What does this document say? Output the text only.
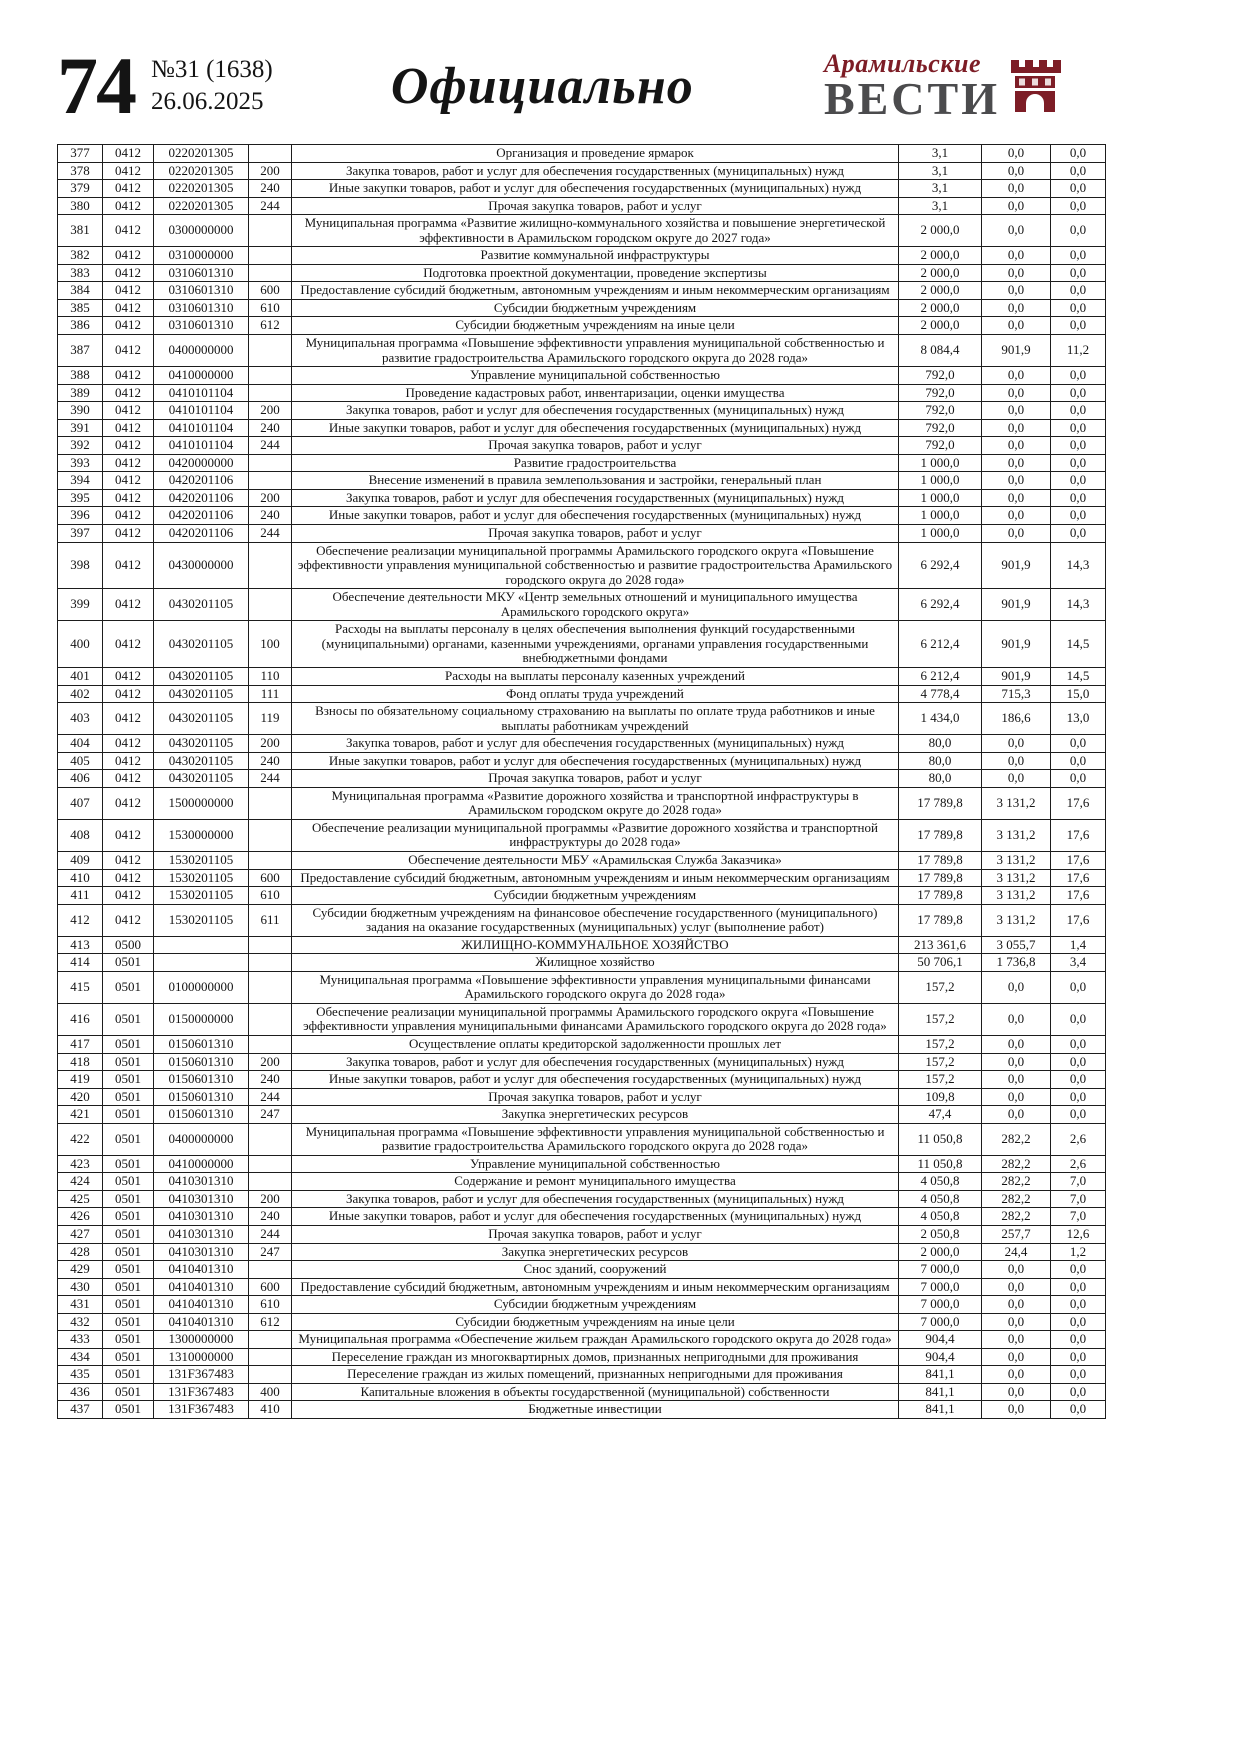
74 №31 (1638)
26.06.2025 Официально	Арамильские
ВЕСТИ
377	0412	0220201305		Организация и проведение ярмарок	3,1	0,0	0,0
378	0412	0220201305	200	Закупка товаров, работ и услуг для обеспечения государственных (муниципальных) нужд	3,1	0,0	0,0
379	0412	0220201305	240	Иные закупки товаров, работ и услуг для обеспечения государственных (муниципальных) нужд	3,1	0,0	0,0
380	0412	0220201305	244	Прочая закупка товаров, работ и услуг	3,1	0,0	0,0
381	0412	0300000000		Муниципальная программа «Развитие жилищно-коммунального хозяйства и повышение энергетической эффективности в Арамильском городском округе до 2027 года»	2 000,0	0,0	0,0
382	0412	0310000000		Развитие коммунальной инфраструктуры	2 000,0	0,0	0,0
383	0412	0310601310		Подготовка проектной документации, проведение экспертизы	2 000,0	0,0	0,0
384	0412	0310601310	600	Предоставление субсидий бюджетным, автономным учреждениям и иным некоммерческим организациям	2 000,0	0,0	0,0
385	0412	0310601310	610	Субсидии бюджетным учреждениям	2 000,0	0,0	0,0
386	0412	0310601310	612	Субсидии бюджетным учреждениям на иные цели	2 000,0	0,0	0,0
387	0412	0400000000		Муниципальная программа «Повышение эффективности управления муниципальной собственностью и развитие градостроительства Арамильского городского округа до 2028 года»	8 084,4	901,9	11,2
388	0412	0410000000		Управление муниципальной собственностью	792,0	0,0	0,0
389	0412	0410101104		Проведение кадастровых работ, инвентаризации, оценки имущества	792,0	0,0	0,0
390	0412	0410101104	200	Закупка товаров, работ и услуг для обеспечения государственных (муниципальных) нужд	792,0	0,0	0,0
391	0412	0410101104	240	Иные закупки товаров, работ и услуг для обеспечения государственных (муниципальных) нужд	792,0	0,0	0,0
392	0412	0410101104	244	Прочая закупка товаров, работ и услуг	792,0	0,0	0,0
393	0412	0420000000		Развитие градостроительства	1 000,0	0,0	0,0
394	0412	0420201106		Внесение изменений в правила землепользования и застройки, генеральный план	1 000,0	0,0	0,0
395	0412	0420201106	200	Закупка товаров, работ и услуг для обеспечения государственных (муниципальных) нужд	1 000,0	0,0	0,0
396	0412	0420201106	240	Иные закупки товаров, работ и услуг для обеспечения государственных (муниципальных) нужд	1 000,0	0,0	0,0
397	0412	0420201106	244	Прочая закупка товаров, работ и услуг	1 000,0	0,0	0,0
398	0412	0430000000		Обеспечение реализации муниципальной программы Арамильского городского округа «Повышение эффективности управления муниципальной собственностью и развитие градостроительства Арамильского городского округа до 2028 года»	6 292,4	901,9	14,3
399	0412	0430201105		Обеспечение деятельности МКУ «Центр земельных отношений и муниципального имущества Арамильского городского округа»	6 292,4	901,9	14,3
400	0412	0430201105	100	Расходы на выплаты персоналу в целях обеспечения выполнения функций государственными (муниципальными) органами, казенными учреждениями, органами управления государственными внебюджетными фондами	6 212,4	901,9	14,5
401	0412	0430201105	110	Расходы на выплаты персоналу казенных учреждений	6 212,4	901,9	14,5
402	0412	0430201105	111	Фонд оплаты труда учреждений	4 778,4	715,3	15,0
403	0412	0430201105	119	Взносы по обязательному социальному страхованию на выплаты по оплате труда работников и иные выплаты работникам учреждений	1 434,0	186,6	13,0
404	0412	0430201105	200	Закупка товаров, работ и услуг для обеспечения государственных (муниципальных) нужд	80,0	0,0	0,0
405	0412	0430201105	240	Иные закупки товаров, работ и услуг для обеспечения государственных (муниципальных) нужд	80,0	0,0	0,0
406	0412	0430201105	244	Прочая закупка товаров, работ и услуг	80,0	0,0	0,0
407	0412	1500000000		Муниципальная программа «Развитие дорожного хозяйства и транспортной инфраструктуры в Арамильском городском округе до 2028 года»	17 789,8	3 131,2	17,6
408	0412	1530000000		Обеспечение реализации муниципальной программы «Развитие дорожного хозяйства и транспортной инфраструктуры до 2028 года»	17 789,8	3 131,2	17,6
409	0412	1530201105		Обеспечение деятельности МБУ «Арамильская Служба Заказчика»	17 789,8	3 131,2	17,6
410	0412	1530201105	600	Предоставление субсидий бюджетным, автономным учреждениям и иным некоммерческим организациям	17 789,8	3 131,2	17,6
411	0412	1530201105	610	Субсидии бюджетным учреждениям	17 789,8	3 131,2	17,6
412	0412	1530201105	611	Субсидии бюджетным учреждениям на финансовое обеспечение государственного (муниципального) задания на оказание государственных (муниципальных) услуг (выполнение работ)	17 789,8	3 131,2	17,6
413	0500			ЖИЛИЩНО-КОММУНАЛЬНОЕ ХОЗЯЙСТВО	213 361,6	3 055,7	1,4
414	0501			Жилищное хозяйство	50 706,1	1 736,8	3,4
415	0501	0100000000		Муниципальная программа «Повышение эффективности управления муниципальными финансами Арамильского городского округа до 2028 года»	157,2	0,0	0,0
416	0501	0150000000		Обеспечение реализации муниципальной программы Арамильского городского округа «Повышение эффективности управления муниципальными финансами Арамильского городского округа до 2028 года»	157,2	0,0	0,0
417	0501	0150601310		Осуществление оплаты кредиторской задолженности прошлых лет	157,2	0,0	0,0
418	0501	0150601310	200	Закупка товаров, работ и услуг для обеспечения государственных (муниципальных) нужд	157,2	0,0	0,0
419	0501	0150601310	240	Иные закупки товаров, работ и услуг для обеспечения государственных (муниципальных) нужд	157,2	0,0	0,0
420	0501	0150601310	244	Прочая закупка товаров, работ и услуг	109,8	0,0	0,0
421	0501	0150601310	247	Закупка энергетических ресурсов	47,4	0,0	0,0
422	0501	0400000000		Муниципальная программа «Повышение эффективности управления муниципальной собственностью и развитие градостроительства Арамильского городского округа до 2028 года»	11 050,8	282,2	2,6
423	0501	0410000000		Управление муниципальной собственностью	11 050,8	282,2	2,6
424	0501	0410301310		Содержание и ремонт муниципального имущества	4 050,8	282,2	7,0
425	0501	0410301310	200	Закупка товаров, работ и услуг для обеспечения государственных (муниципальных) нужд	4 050,8	282,2	7,0
426	0501	0410301310	240	Иные закупки товаров, работ и услуг для обеспечения государственных (муниципальных) нужд	4 050,8	282,2	7,0
427	0501	0410301310	244	Прочая закупка товаров, работ и услуг	2 050,8	257,7	12,6
428	0501	0410301310	247	Закупка энергетических ресурсов	2 000,0	24,4	1,2
429	0501	0410401310		Снос зданий, сооружений	7 000,0	0,0	0,0
430	0501	0410401310	600	Предоставление субсидий бюджетным, автономным учреждениям и иным некоммерческим организациям	7 000,0	0,0	0,0
431	0501	0410401310	610	Субсидии бюджетным учреждениям	7 000,0	0,0	0,0
432	0501	0410401310	612	Субсидии бюджетным учреждениям на иные цели	7 000,0	0,0	0,0
433	0501	1300000000		Муниципальная программа «Обеспечение жильем граждан Арамильского городского округа до 2028 года»	904,4	0,0	0,0
434	0501	1310000000		Переселение граждан из многоквартирных домов, признанных непригодными для проживания	904,4	0,0	0,0
435	0501	131F367483		Переселение граждан из жилых помещений, признанных непригодными для проживания	841,1	0,0	0,0
436	0501	131F367483	400	Капитальные вложения в объекты государственной (муниципальной) собственности	841,1	0,0	0,0
437	0501	131F367483	410	Бюджетные инвестиции	841,1	0,0	0,0
